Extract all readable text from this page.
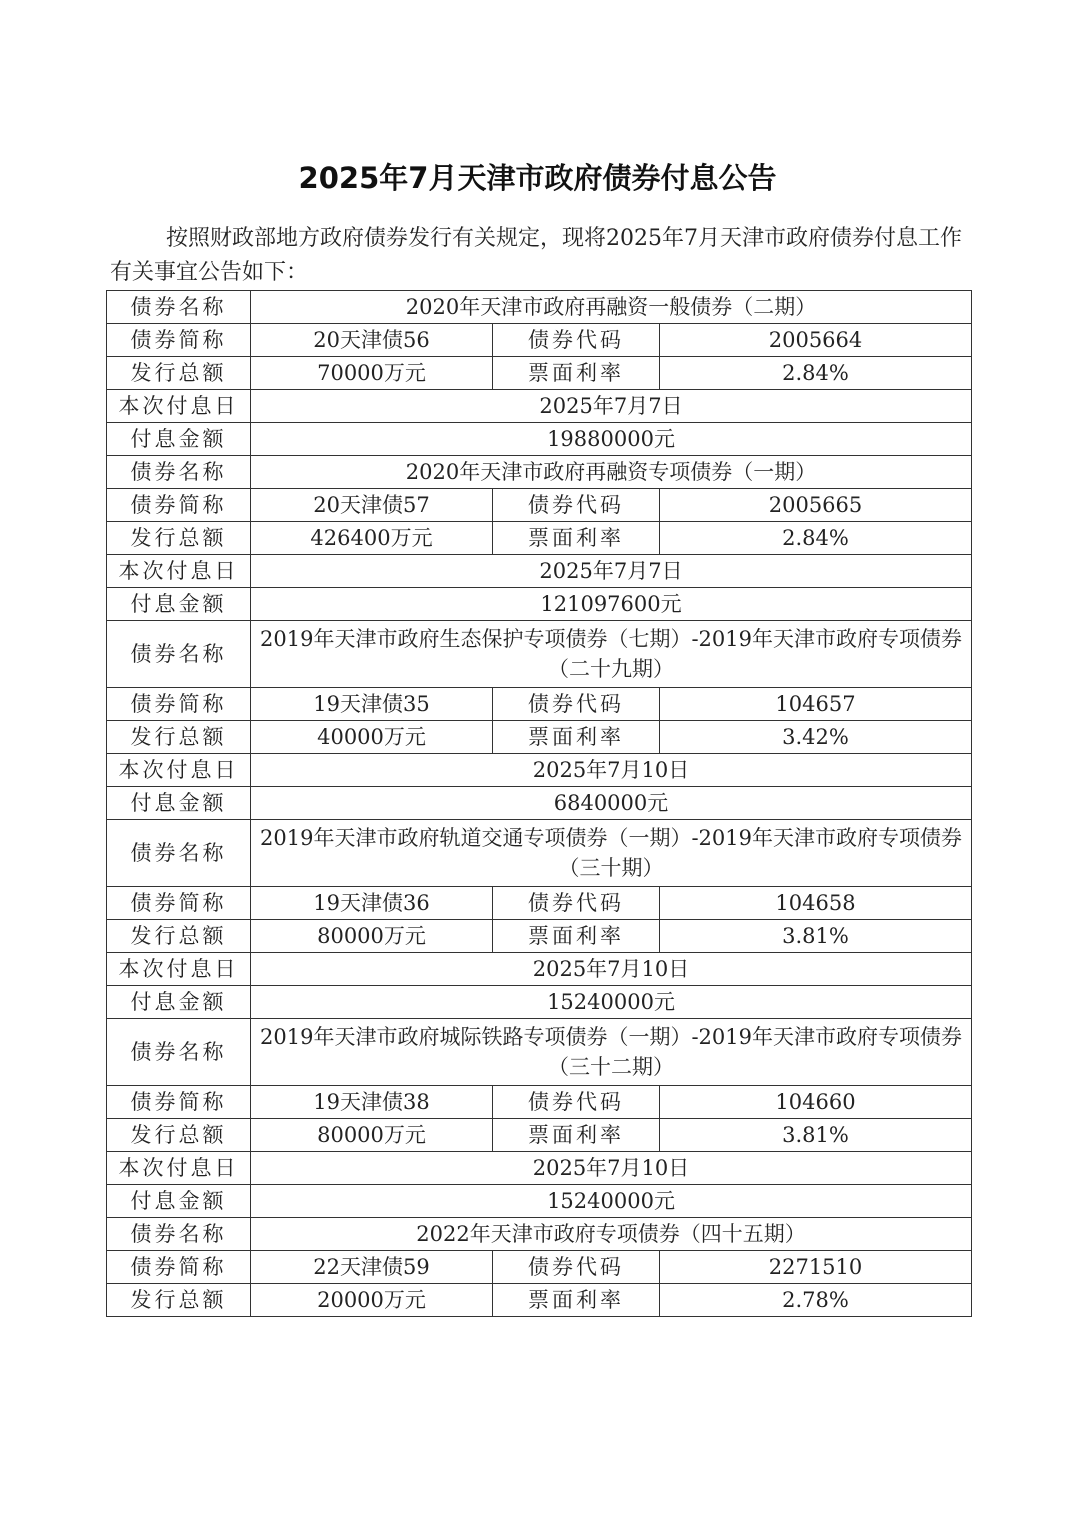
2025年7月天津市政府债券付息公告
按照财政部地方政府债券发行有关规定，现将2025年7月天津市政府债券付息工作有关事宜公告如下：
债券名称	2020年天津市政府再融资一般债券（二期）		
债券简称	20天津债56	债券代码	2005664
发行总额	70000万元	票面利率	2.84%
本次付息日	2025年7月7日		
付息金额	19880000元		
债券名称	2020年天津市政府再融资专项债券（一期）		
债券简称	20天津债57	债券代码	2005665
发行总额	426400万元	票面利率	2.84%
本次付息日	2025年7月7日		
付息金额	121097600元		
债券名称	2019年天津市政府生态保护专项债券（七期）-2019年天津市政府专项债券（二十九期）		
债券简称	19天津债35	债券代码	104657
发行总额	40000万元	票面利率	3.42%
本次付息日	2025年7月10日		
付息金额	6840000元		
债券名称	2019年天津市政府轨道交通专项债券（一期）-2019年天津市政府专项债券（三十期）		
债券简称	19天津债36	债券代码	104658
发行总额	80000万元	票面利率	3.81%
本次付息日	2025年7月10日		
付息金额	15240000元		
债券名称	2019年天津市政府城际铁路专项债券（一期）-2019年天津市政府专项债券（三十二期）		
债券简称	19天津债38	债券代码	104660
发行总额	80000万元	票面利率	3.81%
本次付息日	2025年7月10日		
付息金额	15240000元		
债券名称	2022年天津市政府专项债券（四十五期）		
债券简称	22天津债59	债券代码	2271510
发行总额	20000万元	票面利率	2.78%
